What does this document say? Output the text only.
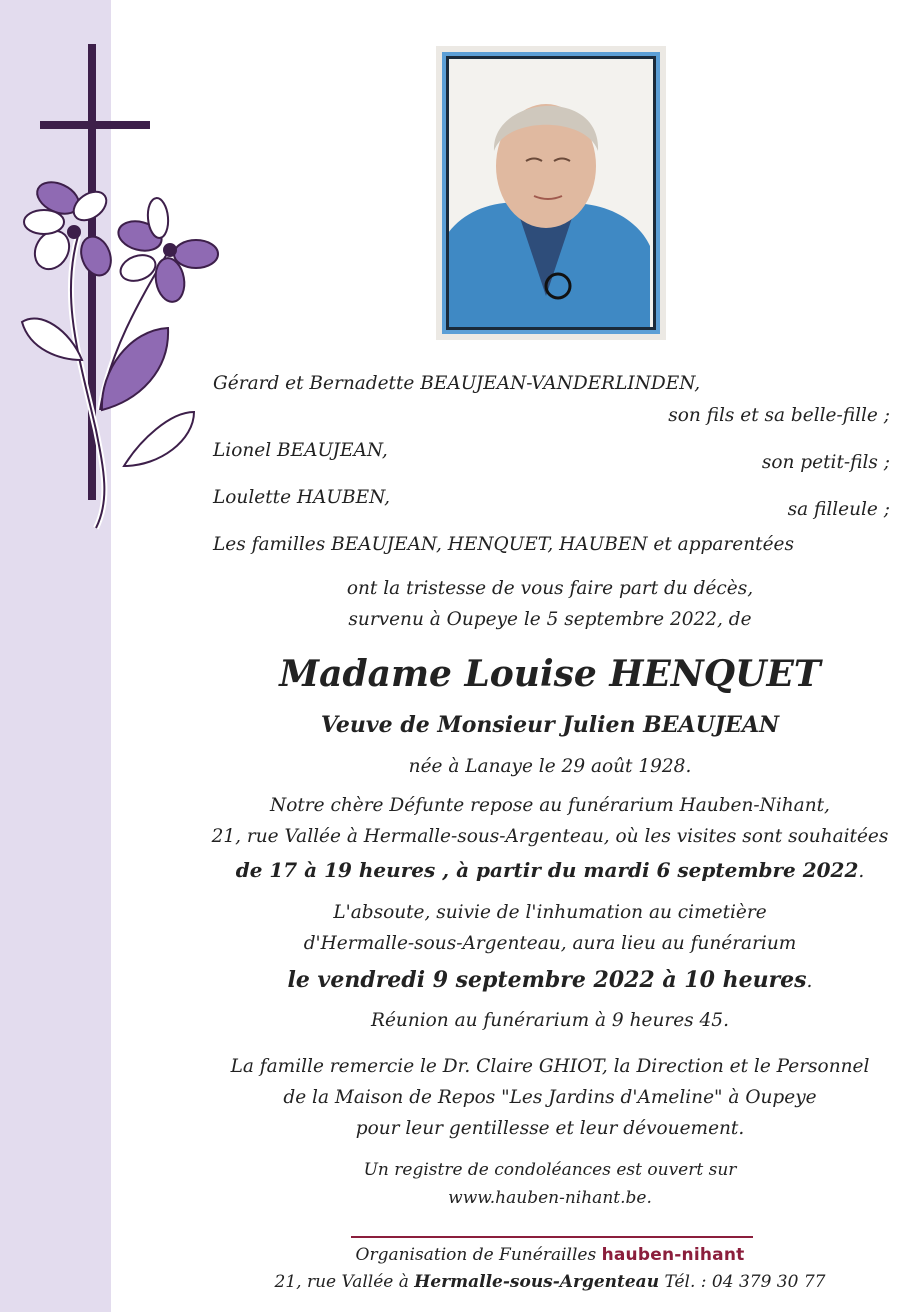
Gérard et Bernadette BEAUJEAN-VANDERLINDEN,
son fils et sa belle-fille ;
Lionel BEAUJEAN,
son petit-fils ;
Loulette HAUBEN,
sa filleule ;
Les familles BEAUJEAN, HENQUET, HAUBEN et apparentées
ont la tristesse de vous faire part du décès,
survenu à Oupeye le 5 septembre 2022, de
Madame Louise HENQUET
Veuve de Monsieur Julien BEAUJEAN
née à Lanaye le 29 août 1928.
Notre chère Défunte repose au funérarium Hauben-Nihant,
21, rue Vallée à Hermalle-sous-Argenteau, où les visites sont souhaitées
de 17 à 19 heures , à partir du mardi 6 septembre 2022.
L'absoute, suivie de l'inhumation au cimetière
d'Hermalle-sous-Argenteau, aura lieu au funérarium
le vendredi 9 septembre 2022 à 10 heures.
Réunion au funérarium à 9 heures 45.
La famille remercie le Dr. Claire GHIOT, la Direction et le Personnel
de la Maison de Repos "Les Jardins d'Ameline" à Oupeye
pour leur gentillesse et leur dévouement.
Un registre de condoléances est ouvert sur
www.hauben-nihant.be.
Organisation de Funérailles hauben-nihant
21, rue Vallée à Hermalle-sous-Argenteau Tél. : 04 379 30 77
